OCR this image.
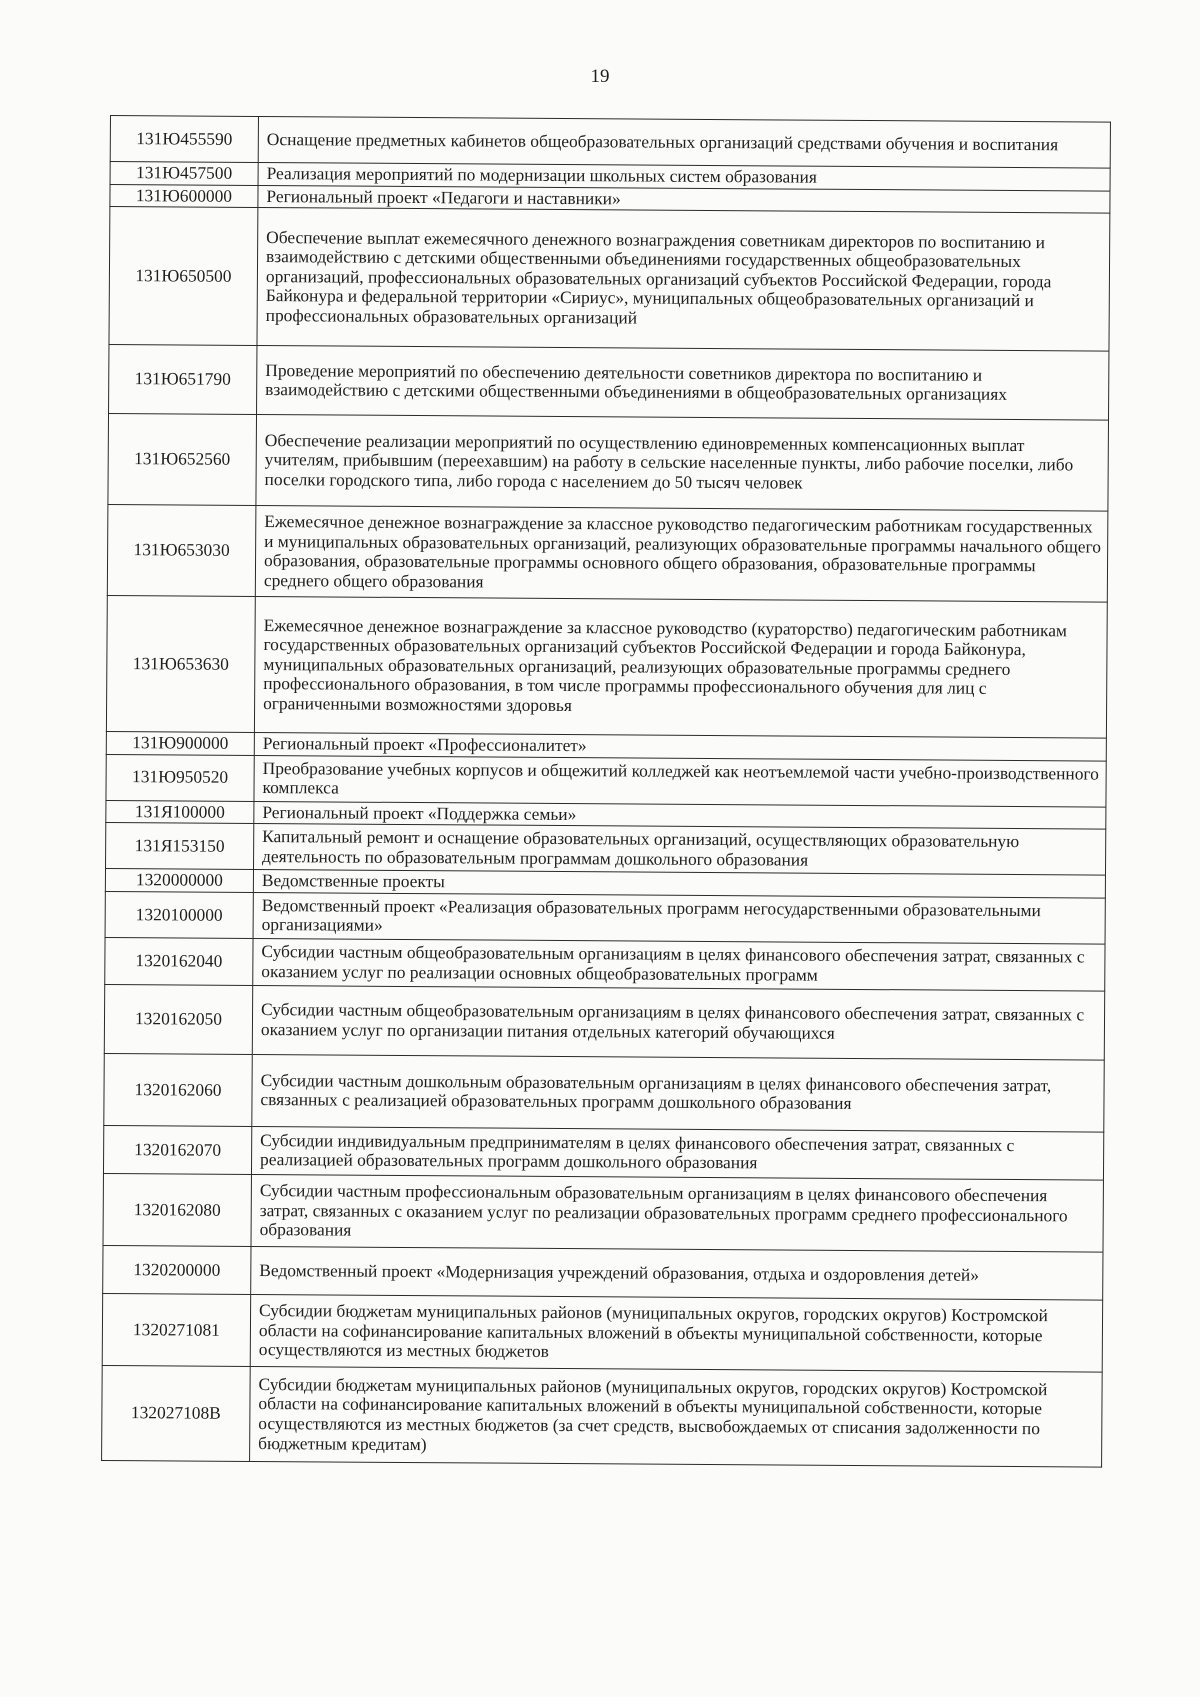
19
131Ю455590	Оснащение предметных кабинетов общеобразовательных организаций средствами обучения и воспитания
131Ю457500	Реализация мероприятий по модернизации школьных систем образования
131Ю600000	Региональный проект «Педагоги и наставники»
131Ю650500	Обеспечение выплат ежемесячного денежного вознаграждения советникам директоров по воспитанию и взаимодействию с детскими общественными объединениями государственных общеобразовательных организаций, профессиональных образовательных организаций субъектов Российской Федерации, города Байконура и федеральной территории «Сириус», муниципальных общеобразовательных организаций и профессиональных образовательных организаций
131Ю651790	Проведение мероприятий по обеспечению деятельности советников директора по воспитанию и взаимодействию с детскими общественными объединениями в общеобразовательных организациях
131Ю652560	Обеспечение реализации мероприятий по осуществлению единовременных компенсационных выплат учителям, прибывшим (переехавшим) на работу в сельские населенные пункты, либо рабочие поселки, либо поселки городского типа, либо города с населением до 50 тысяч человек
131Ю653030	Ежемесячное денежное вознаграждение за классное руководство педагогическим работникам государственных и муниципальных образовательных организаций, реализующих образовательные программы начального общего образования, образовательные программы основного общего образования, образовательные программы среднего общего образования
131Ю653630	Ежемесячное денежное вознаграждение за классное руководство (кураторство) педагогическим работникам государственных образовательных организаций субъектов Российской Федерации и города Байконура, муниципальных образовательных организаций, реализующих образовательные программы среднего профессионального образования, в том числе программы профессионального обучения для лиц с ограниченными возможностями здоровья
131Ю900000	Региональный проект «Профессионалитет»
131Ю950520	Преобразование учебных корпусов и общежитий колледжей как неотъемлемой части учебно-производственного комплекса
131Я100000	Региональный проект «Поддержка семьи»
131Я153150	Капитальный ремонт и оснащение образовательных организаций, осуществляющих образовательную деятельность по образовательным программам дошкольного образования
1320000000	Ведомственные проекты
1320100000	Ведомственный проект «Реализация образовательных программ негосударственными образовательными организациями»
1320162040	Субсидии частным общеобразовательным организациям в целях финансового обеспечения затрат, связанных с оказанием услуг по реализации основных общеобразовательных программ
1320162050	Субсидии частным общеобразовательным организациям в целях финансового обеспечения затрат, связанных с оказанием услуг по организации питания отдельных категорий обучающихся
1320162060	Субсидии частным дошкольным образовательным организациям в целях финансового обеспечения затрат, связанных с реализацией образовательных программ дошкольного образования
1320162070	Субсидии индивидуальным предпринимателям в целях финансового обеспечения затрат, связанных с реализацией образовательных программ дошкольного образования
1320162080	Субсидии частным профессиональным образовательным организациям в целях финансового обеспечения затрат, связанных с оказанием услуг по реализации образовательных программ среднего профессионального образования
1320200000	Ведомственный проект «Модернизация учреждений образования, отдыха и оздоровления детей»
1320271081	Субсидии бюджетам муниципальных районов (муниципальных округов, городских округов) Костромской области на софинансирование капитальных вложений в объекты муниципальной собственности, которые осуществляются из местных бюджетов
132027108В	Субсидии бюджетам муниципальных районов (муниципальных округов, городских округов) Костромской области на софинансирование капитальных вложений в объекты муниципальной собственности, которые осуществляются из местных бюджетов (за счет средств, высвобождаемых от списания задолженности по бюджетным кредитам)
